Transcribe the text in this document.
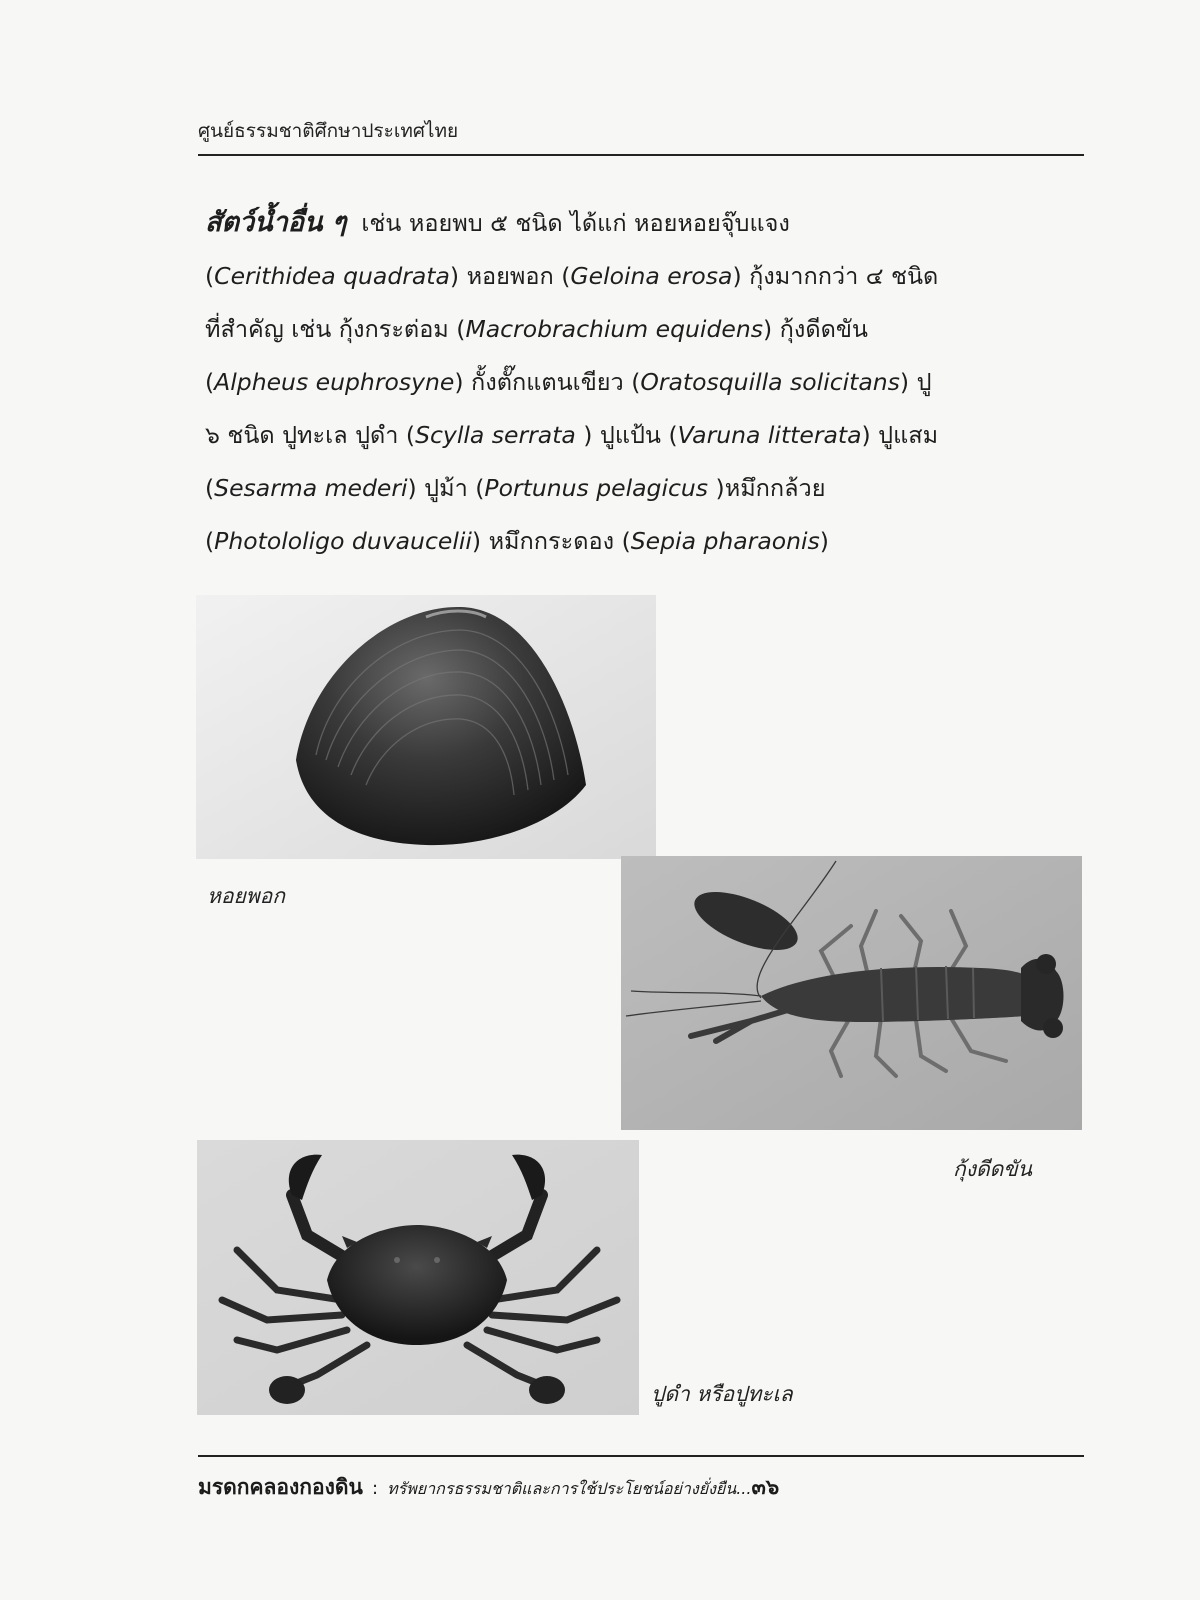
ศูนย์ธรรมชาติศึกษาประเทศไทย

สัตว์น้ำอื่น ๆ เช่น หอยพบ ๕ ชนิด ได้แก่ หอยหอยจุ๊บแจง

(Cerithidea quadrata) หอยพอก (Geloina erosa) กุ้งมากกว่า ๔ ชนิด

ที่สำคัญ เช่น กุ้งกระต่อม (Macrobrachium equidens) กุ้งดีดขัน

(Alpheus euphrosyne) กั้งตั๊กแตนเขียว (Oratosquilla solicitans) ปู

๖ ชนิด ปูทะเล ปูดำ (Scylla serrata ) ปูแป้น (Varuna litterata) ปูแสม

(Sesarma mederi) ปูม้า (Portunus pelagicus )หมึกกล้วย

(Photololigo duvaucelii) หมึกกระดอง (Sepia pharaonis)

หอยพอก
กุ้งดีดขัน
ปูดำ หรือปูทะเล
มรดกคลองกองดิน : ทรัพยากรธรรมชาติและการใช้ประโยชน์อย่างยั่งยืน...๓๖
